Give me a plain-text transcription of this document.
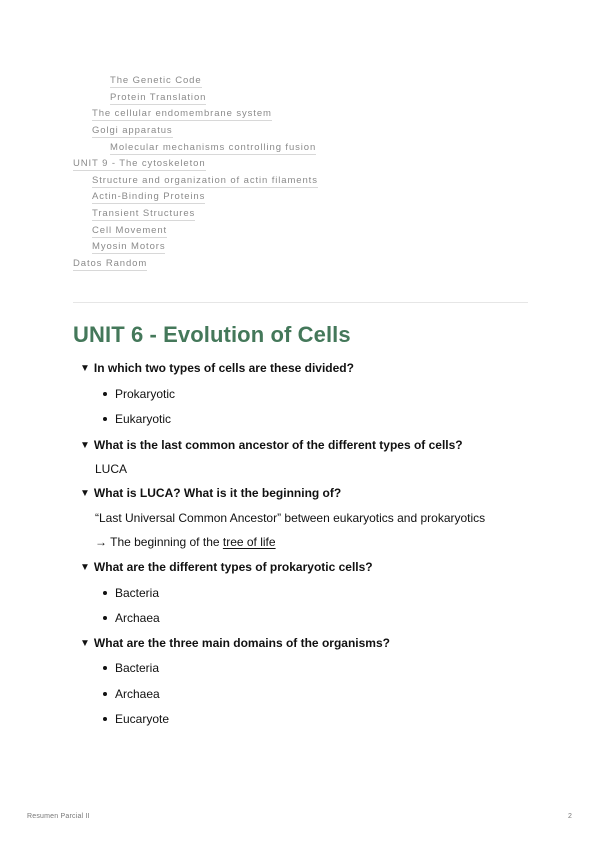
The Genetic Code
Protein Translation
The cellular endomembrane system
Golgi apparatus
Molecular mechanisms controlling fusion
UNIT 9 - The cytoskeleton
Structure and organization of actin filaments
Actin-Binding Proteins
Transient Structures
Cell Movement
Myosin Motors
Datos Random
UNIT 6 - Evolution of Cells
▼ In which two types of cells are these divided?
Prokaryotic
Eukaryotic
▼ What is the last common ancestor of the different types of cells?
LUCA
▼ What is LUCA? What is it the beginning of?
“Last Universal Common Ancestor” between eukaryotics and prokaryotics
→ The beginning of the tree of life
▼ What are the different types of prokaryotic cells?
Bacteria
Archaea
▼ What are the three main domains of the organisms?
Bacteria
Archaea
Eucaryote
Resumen Parcial II	2
